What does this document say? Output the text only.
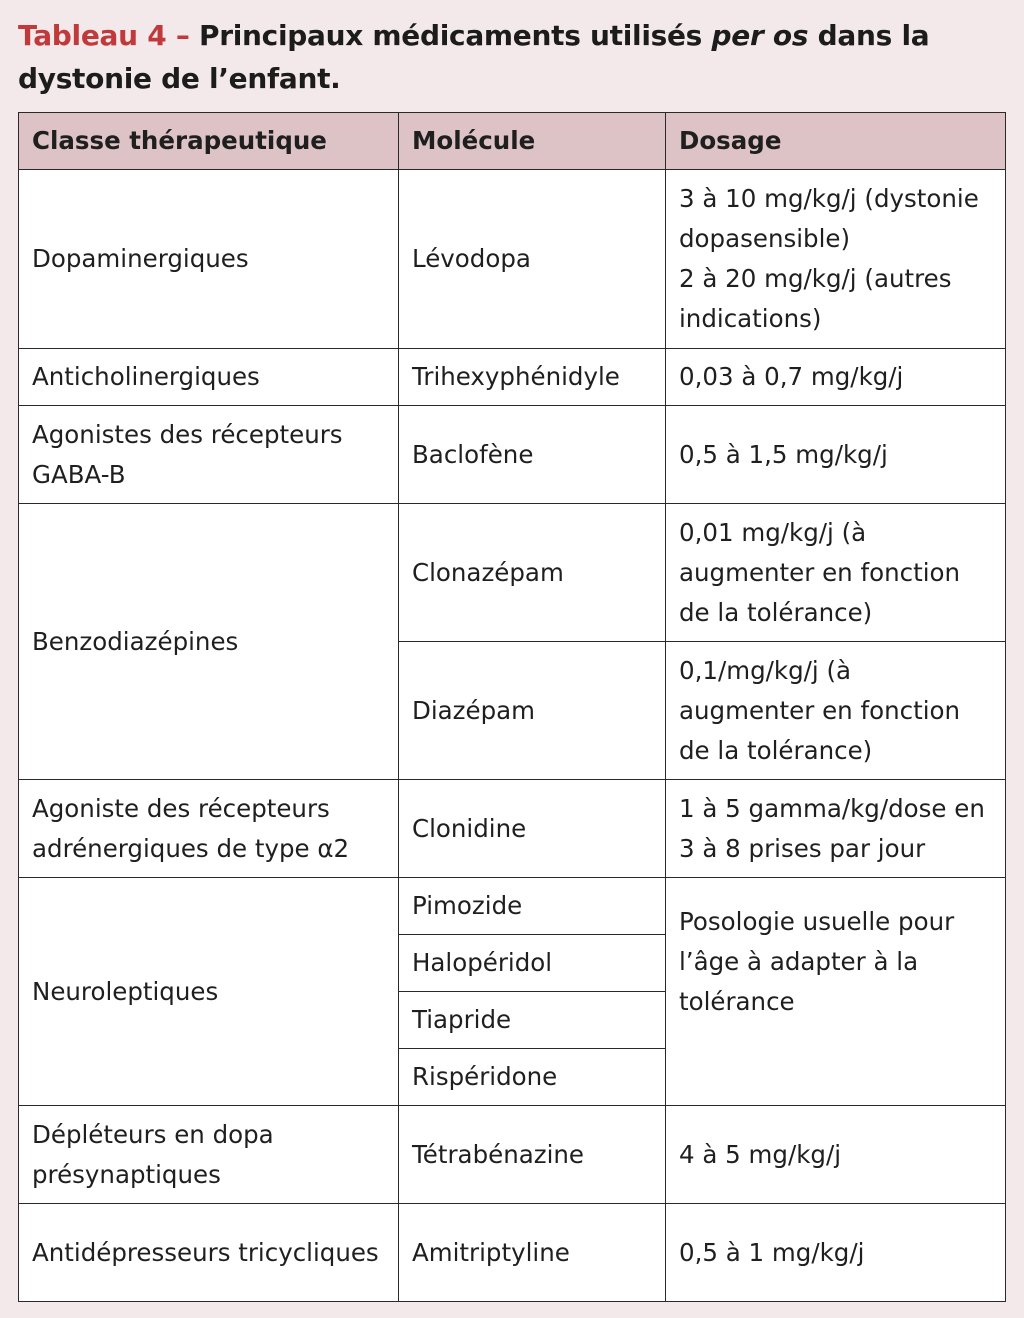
Tableau 4 – Principaux médicaments utilisés per os dans la dystonie de l’enfant.
Classe thérapeutique	Molécule	Dosage
Dopaminergiques	Lévodopa	3 à 10 mg/kg/j (dystonie dopasensible)
2 à 20 mg/kg/j (autres indications)

Anticholinergiques	Trihexyphénidyle	0,03 à 0,7 mg/kg/j
Agonistes des récepteurs GABA-B	Baclofène	0,5 à 1,5 mg/kg/j
Benzodiazépines	Clonazépam	0,01 mg/kg/j (à augmenter en fonction de la tolérance)
	Diazépam	0,1/mg/kg/j (à augmenter en fonction de la tolérance)
Agoniste des récepteurs adrénergiques de type α2	Clonidine	1 à 5 gamma/kg/dose en 3 à 8 prises par jour
Neuroleptiques	Pimozide	Posologie usuelle pour l’âge à adapter à la tolérance
	Halopéridol	
	Tiapride	
	Rispéridone	
Dépléteurs en dopa présynaptiques	Tétrabénazine	4 à 5 mg/kg/j
Antidépresseurs tricycliques	Amitriptyline	0,5 à 1 mg/kg/j
